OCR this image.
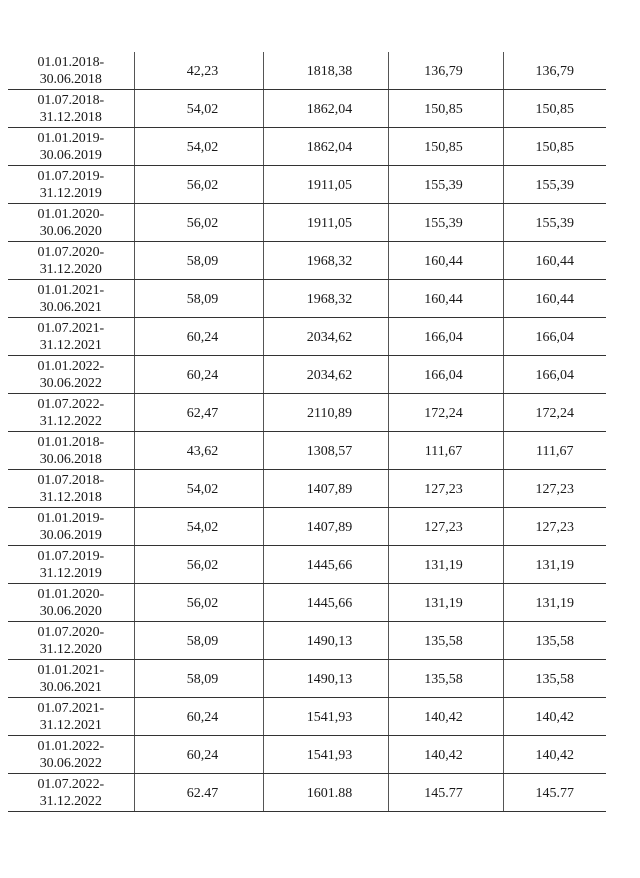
01.01.2018-
30.06.2018	42,23	1818,38	136,79	136,79

01.07.2018-
31.12.2018	54,02	1862,04	150,85	150,85

01.01.2019-
30.06.2019	54,02	1862,04	150,85	150,85

01.07.2019-
31.12.2019	56,02	1911,05	155,39	155,39

01.01.2020-
30.06.2020	56,02	1911,05	155,39	155,39

01.07.2020-
31.12.2020	58,09	1968,32	160,44	160,44

01.01.2021-
30.06.2021	58,09	1968,32	160,44	160,44

01.07.2021-
31.12.2021	60,24	2034,62	166,04	166,04

01.01.2022-
30.06.2022	60,24	2034,62	166,04	166,04

01.07.2022-
31.12.2022	62,47	2110,89	172,24	172,24

01.01.2018-
30.06.2018	43,62	1308,57	111,67	111,67

01.07.2018-
31.12.2018	54,02	1407,89	127,23	127,23

01.01.2019-
30.06.2019	54,02	1407,89	127,23	127,23

01.07.2019-
31.12.2019	56,02	1445,66	131,19	131,19

01.01.2020-
30.06.2020	56,02	1445,66	131,19	131,19

01.07.2020-
31.12.2020	58,09	1490,13	135,58	135,58

01.01.2021-
30.06.2021	58,09	1490,13	135,58	135,58

01.07.2021-
31.12.2021	60,24	1541,93	140,42	140,42

01.01.2022-
30.06.2022	60,24	1541,93	140,42	140,42

01.07.2022-
31.12.2022	62.47	1601.88	145.77	145.77
